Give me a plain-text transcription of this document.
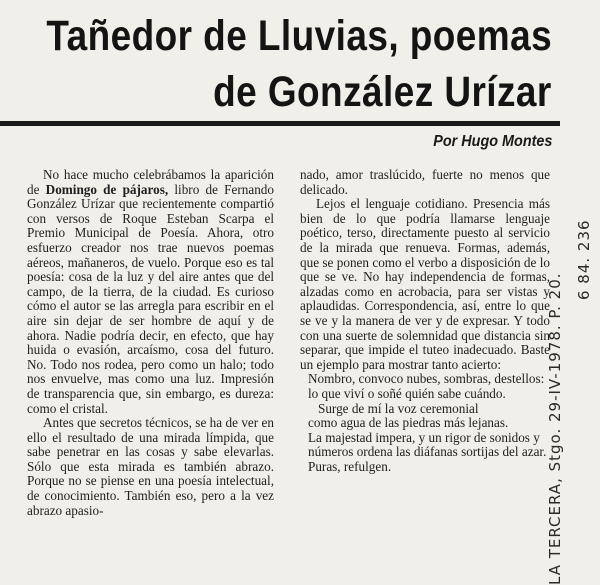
Tañedor de Lluvias, poemas
de González Urízar
Por Hugo Montes

No hace mucho celebrábamos la aparición de Domingo de pájaros, libro de Fernando González Urízar que recientemente compartió con versos de Roque Esteban Scarpa el Premio Municipal de Poesía. Ahora, otro esfuerzo creador nos trae nuevos poemas aéreos, mañaneros, de vuelo. Porque eso es tal poesía: cosa de la luz y del aire antes que del campo, de la tierra, de la ciudad. Es curioso cómo el autor se las arregla para escribir en el aire sin dejar de ser hombre de aquí y de ahora. Nadie podría decir, en efecto, que hay huida o evasión, arcaísmo, cosa del futuro. No. Todo nos rodea, pero como un halo; todo nos envuelve, mas como una luz. Impresión de transparencia que, sin embargo, es dureza: como el cristal.

Antes que secretos técnicos, se ha de ver en ello el resultado de una mirada límpida, que sabe penetrar en las cosas y sabe elevarlas. Sólo que esta mirada es también abrazo. Porque no se piense en una poesía intelectual, de conocimiento. También eso, pero a la vez abrazo apasio-

nado, amor traslúcido, fuerte no menos que delicado.

Lejos el lenguaje cotidiano. Presencia más bien de lo que podría llamarse lenguaje poético, terso, directamente puesto al servicio de la mirada que renueva. Formas, además, que se ponen como el verbo a disposición de lo que se ve. No hay independencia de formas, alzadas como en acrobacia, para ser vistas y aplaudidas. Correspondencia, así, entre lo que se ve y la manera de ver y de expresar. Y todo con una suerte de solemnidad que distancia sin separar, que impide el tuteo inadecuado. Baste un ejemplo para mostrar tanto acierto:

Nombro, convoco nubes, sombras, destellos:

lo que viví o soñé quién sabe cuándo.

Surge de mí la voz ceremonial

como agua de las piedras más lejanas.

La majestad impera, y un rigor de sonidos y números ordena las diáfanas sortijas del azar.

Puras, refulgen.	LA TERCERA, Stgo. 29-IV-1978. P. 20.
6 84. 236
